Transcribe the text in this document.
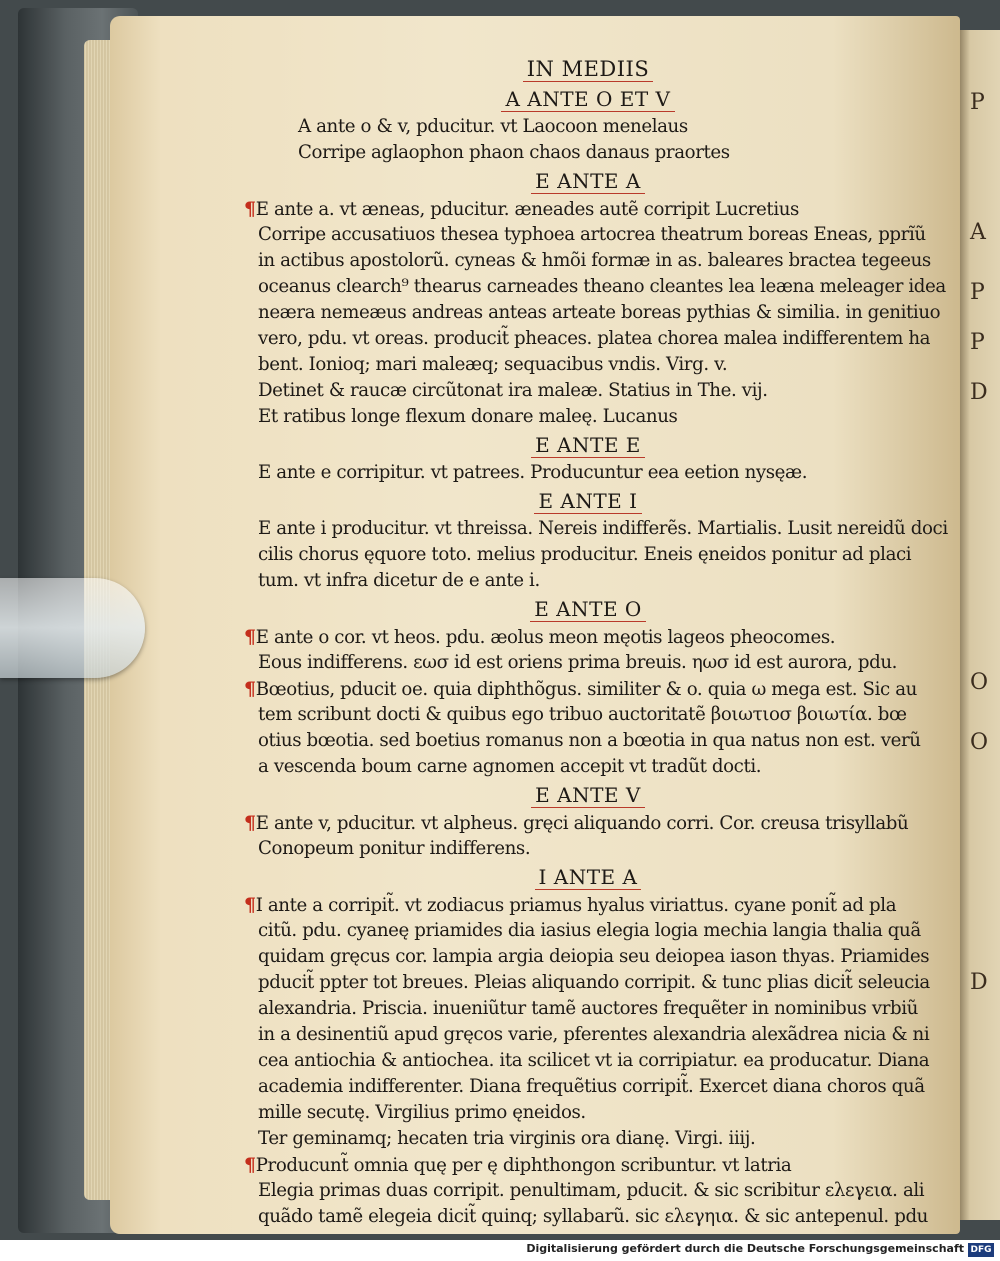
P
A
P
P
D
O
O
D
IN MEDIIS
A ANTE O ET V
A ante o & v, pducitur. vt Laocoon menelaus
Corripe aglaophon phaon chaos danaus praortes
E ANTE A
¶E ante a. vt æneas, pducitur. æneades autẽ corripit Lucretius
Corripe accusatiuos thesea typhoea artocrea theatrum boreas Eneas, pprĩũ
in actibus apostolorũ. cyneas & hmõi formæ in as. baleares bractea tegeeus
oceanus clearch⁹ thearus carneades theano cleantes lea leæna meleager idea
neæra nemeæus andreas anteas arteate boreas pythias & similia. in genitiuo
vero, pdu. vt oreas. producit̃ pheaces. platea chorea malea indifferentem ha
bent. Ionioq; mari maleæq; sequacibus vndis. Virg. v.
Detinet & raucæ circũtonat ira maleæ. Statius in The. vij.
Et ratibus longe flexum donare maleę. Lucanus
E ANTE E
E ante e corripitur. vt patrees. Producuntur eea eetion nysęæ.
E ANTE I
E ante i producitur. vt threissa. Nereis indifferẽs. Martialis. Lusit nereidũ doci
cilis chorus ęquore toto. melius producitur. Eneis ęneidos ponitur ad placi
tum. vt infra dicetur de e ante i.
E ANTE O
¶E ante o cor. vt heos. pdu. æolus meon męotis lageos pheocomes.
Eous indifferens. εωσ id est oriens prima breuis. ηωσ id est aurora, pdu.
¶Bœotius, pducit oe. quia diphthõgus. similiter & o. quia ω mega est. Sic au
tem scribunt docti & quibus ego tribuo auctoritatẽ βοιωτιοσ βοιωτία. bœ
otius bœotia. sed boetius romanus non a bœotia in qua natus non est. verũ
a vescenda boum carne agnomen accepit vt tradũt docti.
E ANTE V
¶E ante v, pducitur. vt alpheus. gręci aliquando corri. Cor. creusa trisyllabũ
Conopeum ponitur indifferens.
I ANTE A
¶I ante a corripit̃. vt zodiacus priamus hyalus viriattus. cyane ponit̃ ad pla
citũ. pdu. cyaneę priamides dia iasius elegia logia mechia langia thalia quã
quidam gręcus cor. lampia argia deiopia seu deiopea iason thyas. Priamides
pducit̃ ppter tot breues. Pleias aliquando corripit. & tunc plias dicit̃ seleucia
alexandria. Priscia. inueniũtur tamẽ auctores frequẽter in nominibus vrbiũ
in a desinentiũ apud gręcos varie, pferentes alexandria alexãdrea nicia & ni
cea antiochia & antiochea. ita scilicet vt ia corripiatur. ea producatur. Diana
academia indifferenter. Diana frequẽtius corripit̃. Exercet diana choros quã
mille secutę. Virgilius primo ęneidos.
Ter geminamq; hecaten tria virginis ora dianę. Virgi. iiij.
¶Producunt̃ omnia quę per ę diphthongon scribuntur. vt latria
Elegia primas duas corripit. penultimam, pducit. & sic scribitur ελεγεια. ali
quãdo tamẽ elegeia dicit̃ quinq; syllabarũ. sic ελεγηια. & sic antepenul. pdu
Digitalisierung gefördert durch die Deutsche Forschungsgemeinschaft DFG
